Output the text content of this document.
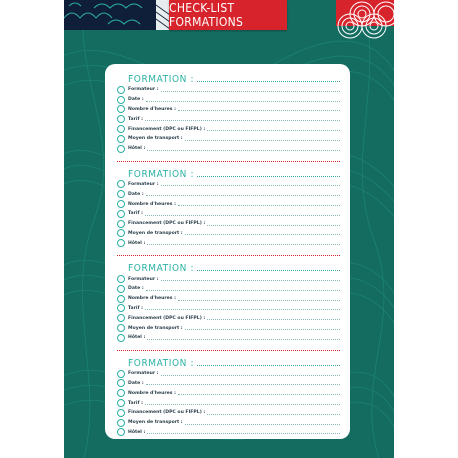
CHECK-LIST FORMATIONS
FORMATION :
Formateur :
Date :
Nombre d'heures :
Tarif :
Financement (DPC ou FIFPL) :
Moyen de transport :
Hôtel :
FORMATION :
Formateur :
Date :
Nombre d'heures :
Tarif :
Financement (DPC ou FIFPL) :
Moyen de transport :
Hôtel :
FORMATION :
Formateur :
Date :
Nombre d'heures :
Tarif :
Financement (DPC ou FIFPL) :
Moyen de transport :
Hôtel :
FORMATION :
Formateur :
Date :
Nombre d'heures :
Tarif :
Financement (DPC ou FIFPL) :
Moyen de transport :
Hôtel :
